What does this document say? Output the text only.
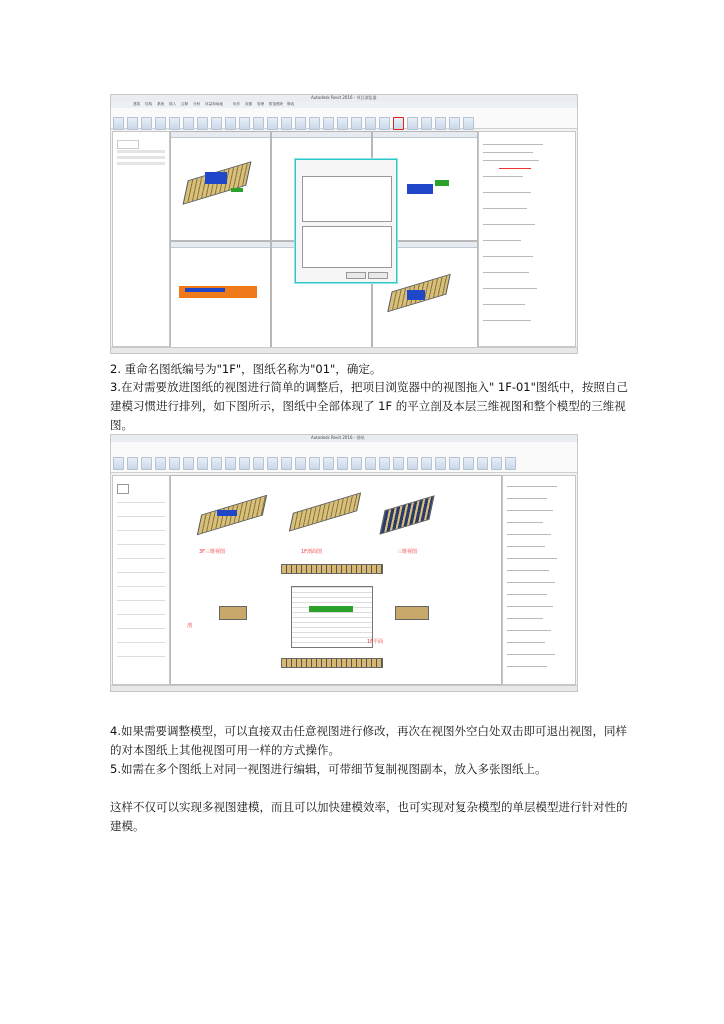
Autodesk Revit 2016 - 项目浏览器
建筑 结构 系统 插入 注释 分析 体量和场地	协作 视图 管理 附加模块 修改

2. 重命名图纸编号为"1F"，图纸名称为"01"，确定。

3.在对需要放进图纸的视图进行简单的调整后，把项目浏览器中的视图拖入" 1F-01"图纸中，按照自己建模习惯进行排列，如下图所示，图纸中全部体现了 1F 的平立剖及本层三维视图和整个模型的三维视图。

Autodesk Revit 2016 - 图纸
3F三维视图	1F剖面图	三维视图
剖
1F平面

4.如果需要调整模型，可以直接双击任意视图进行修改，再次在视图外空白处双击即可退出视图，同样的对本图纸上其他视图可用一样的方式操作。

5.如需在多个图纸上对同一视图进行编辑，可带细节复制视图副本，放入多张图纸上。

这样不仅可以实现多视图建模，而且可以加快建模效率，也可实现对复杂模型的单层模型进行针对性的建模。
